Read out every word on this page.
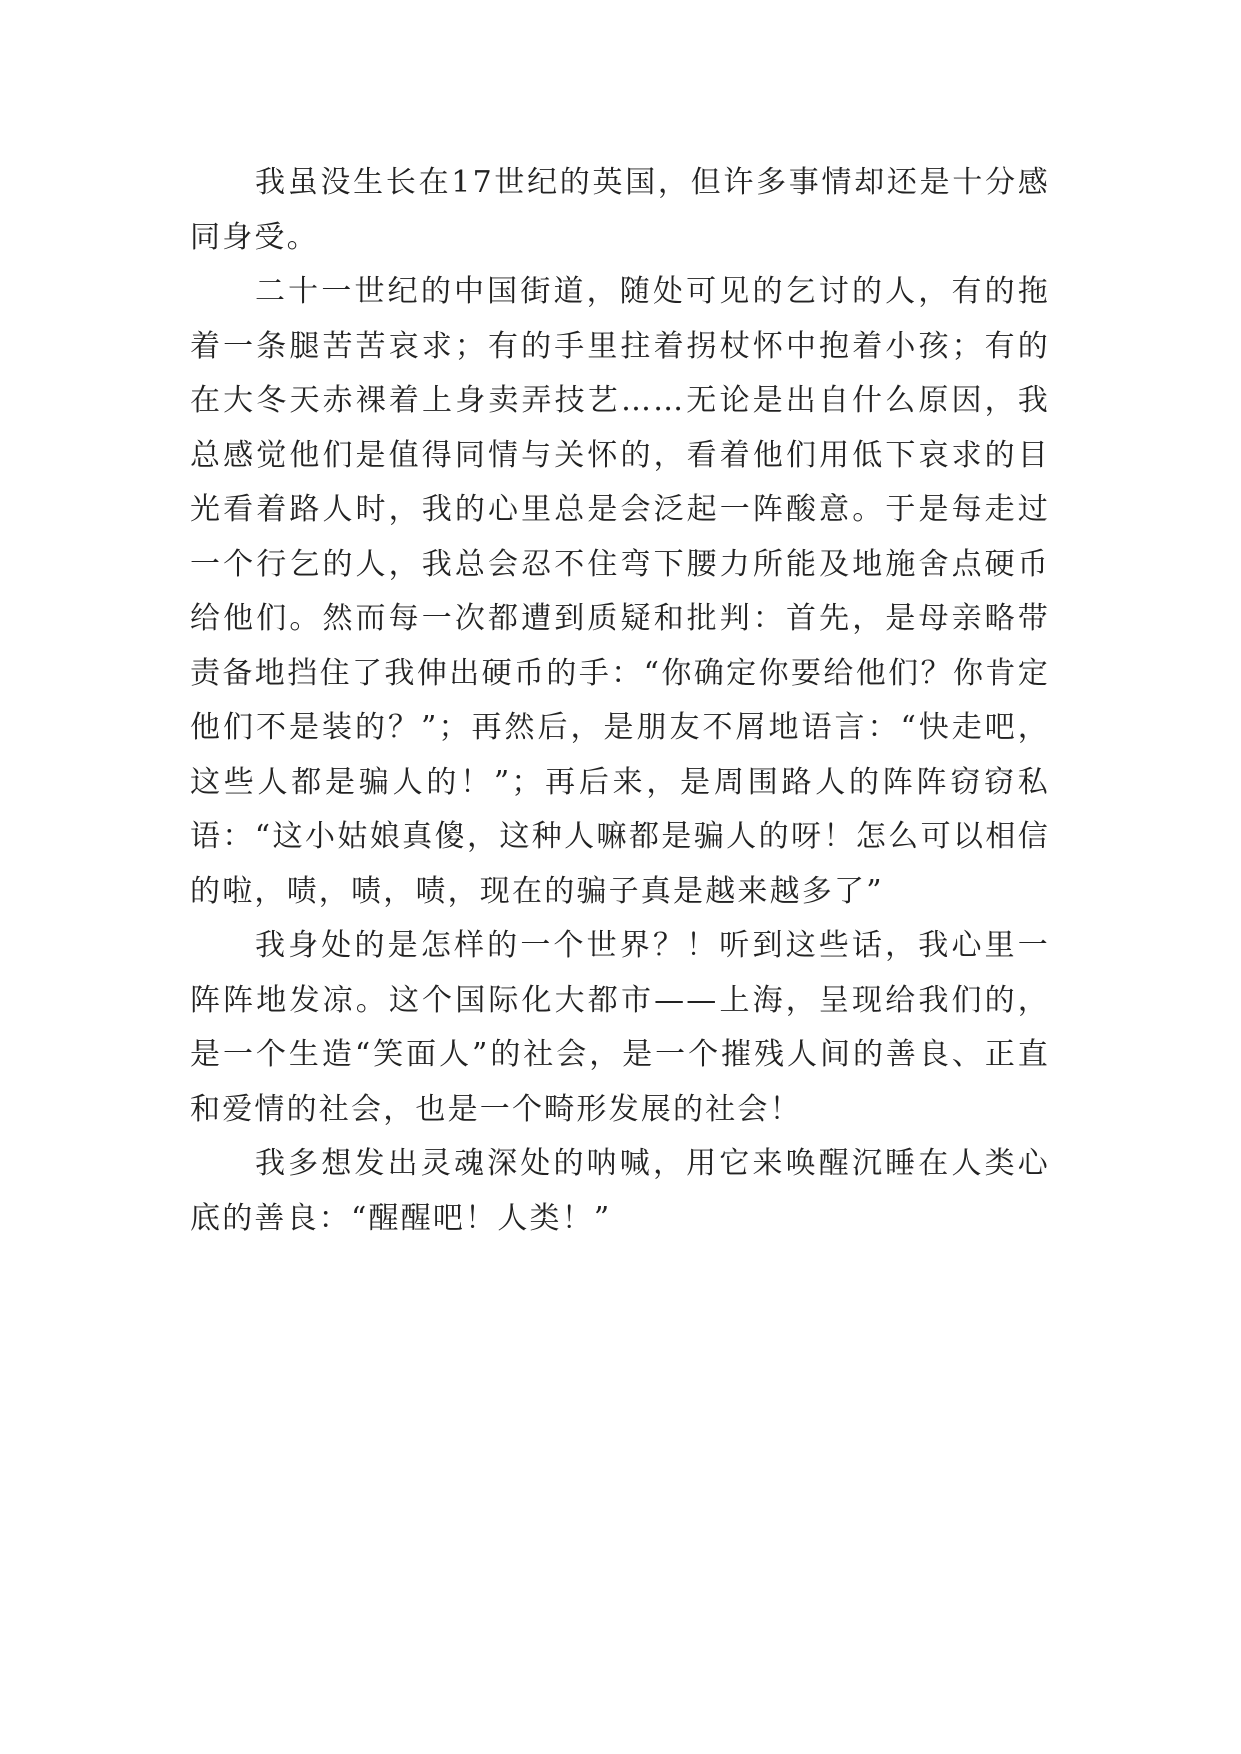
我虽没生长在17世纪的英国，但许多事情却还是十分感同身受。

二十一世纪的中国街道，随处可见的乞讨的人，有的拖着一条腿苦苦哀求；有的手里拄着拐杖怀中抱着小孩；有的在大冬天赤裸着上身卖弄技艺……无论是出自什么原因，我总感觉他们是值得同情与关怀的，看着他们用低下哀求的目光看着路人时，我的心里总是会泛起一阵酸意。于是每走过一个行乞的人，我总会忍不住弯下腰力所能及地施舍点硬币给他们。然而每一次都遭到质疑和批判：首先，是母亲略带责备地挡住了我伸出硬币的手：“你确定你要给他们？你肯定他们不是装的？”；再然后，是朋友不屑地语言：“快走吧，这些人都是骗人的！”；再后来，是周围路人的阵阵窃窃私语：“这小姑娘真傻，这种人嘛都是骗人的呀！怎么可以相信的啦，啧，啧，啧，现在的骗子真是越来越多了”

我身处的是怎样的一个世界？！听到这些话，我心里一阵阵地发凉。这个国际化大都市——上海，呈现给我们的，是一个生造“笑面人”的社会，是一个摧残人间的善良、正直和爱情的社会，也是一个畸形发展的社会！

我多想发出灵魂深处的呐喊，用它来唤醒沉睡在人类心底的善良：“醒醒吧！人类！”
